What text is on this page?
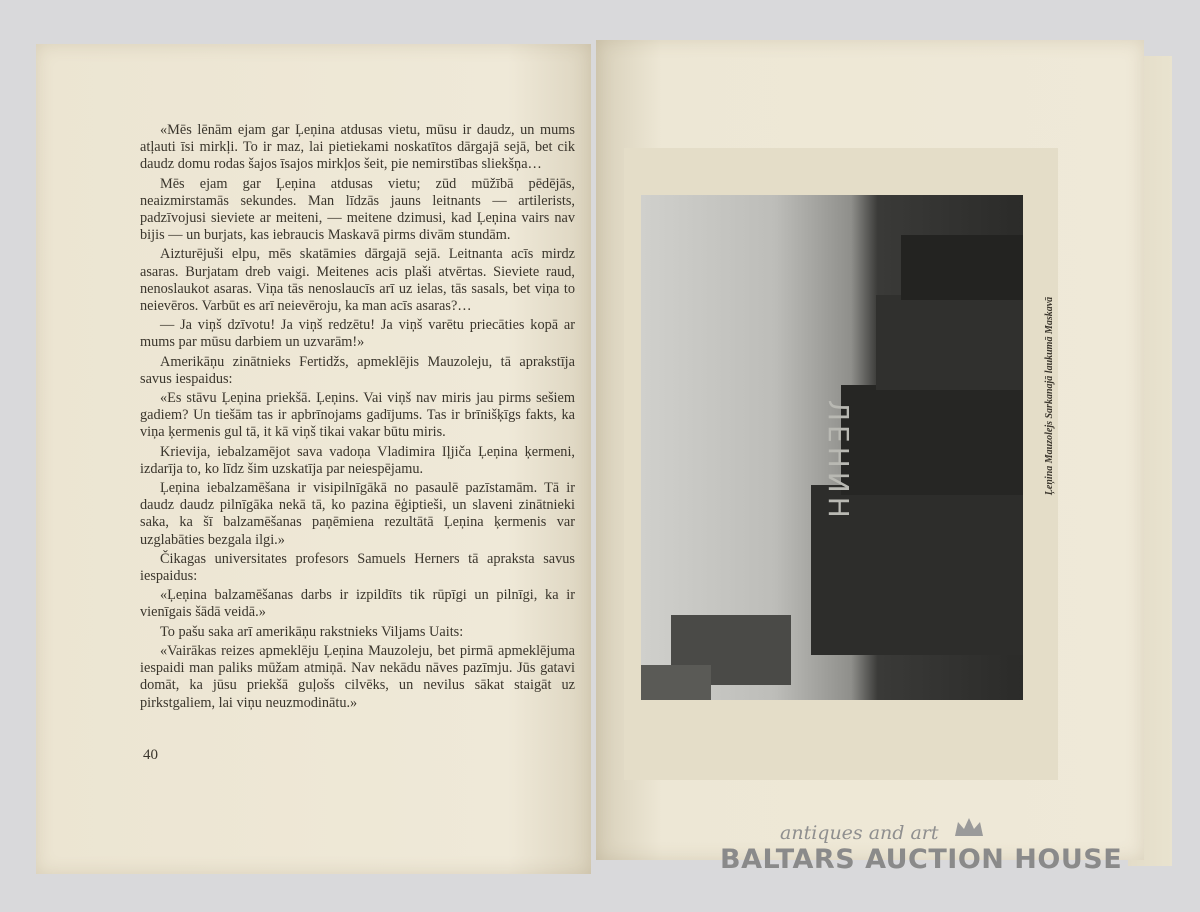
«Mēs lēnām ejam gar Ļeņina atdusas vietu, mūsu ir daudz, un mums atļauti īsi mirkļi. To ir maz, lai pietiekami noskatītos dārgajā sejā, bet cik daudz domu rodas šajos īsajos mirkļos šeit, pie nemirstības sliekšņa…

Mēs ejam gar Ļeņina atdusas vietu; zūd mūžībā pēdējās, neaizmirstamās sekundes. Man līdzās jauns leitnants — artilerists, padzīvojusi sieviete ar meiteni, — meitene dzimusi, kad Ļeņina vairs nav bijis — un burjats, kas iebraucis Maskavā pirms divām stundām.

Aizturējuši elpu, mēs skatāmies dārgajā sejā. Leitnanta acīs mirdz asaras. Burjatam dreb vaigi. Meitenes acis plaši atvērtas. Sieviete raud, nenoslaukot asaras. Viņa tās nenoslaucīs arī uz ielas, tās sasals, bet viņa to neievēros. Varbūt es arī neievēroju, ka man acīs asaras?…

— Ja viņš dzīvotu! Ja viņš redzētu! Ja viņš varētu priecāties kopā ar mums par mūsu darbiem un uzvarām!»

Amerikāņu zinātnieks Fertidžs, apmeklējis Mauzoleju, tā aprakstīja savus iespaidus:

«Es stāvu Ļeņina priekšā. Ļeņins. Vai viņš nav miris jau pirms sešiem gadiem? Un tiešām tas ir apbrīnojams gadījums. Tas ir brīnišķīgs fakts, ka viņa ķermenis gul tā, it kā viņš tikai vakar būtu miris.

Krievija, iebalzamējot sava vadoņa Vladimira Iļjiča Ļeņina ķermeni, izdarīja to, ko līdz šim uzskatīja par neiespējamu.

Ļeņina iebalzamēšana ir visipilnīgākā no pasaulē pazīstamām. Tā ir daudz daudz pilnīgāka nekā tā, ko pazina ēģiptieši, un slaveni zinātnieki saka, ka šī balzamēšanas paņēmiena rezultātā Ļeņina ķermenis var uzglabāties bezgala ilgi.»

Čikagas universitates profesors Samuels Herners tā apraksta savus iespaidus:

«Ļeņina balzamēšanas darbs ir izpildīts tik rūpīgi un pilnīgi, ka ir vienīgais šādā veidā.»

To pašu saka arī amerikāņu rakstnieks Viljams Uaits:

«Vairākas reizes apmeklēju Ļeņina Mauzoleju, bet pirmā apmeklējuma iespaidi man paliks mūžam atmiņā. Nav nekādu nāves pazīmju. Jūs gatavi domāt, ka jūsu priekšā guļošs cilvēks, un nevilus sākat staigāt uz pirkstgaliem, lai viņu neuzmodinātu.»

40
ЛЕНИН	Ļeņina Mauzolejs Sarkanajā laukumā Maskavā
antiques and art
BALTARS AUCTION HOUSE
